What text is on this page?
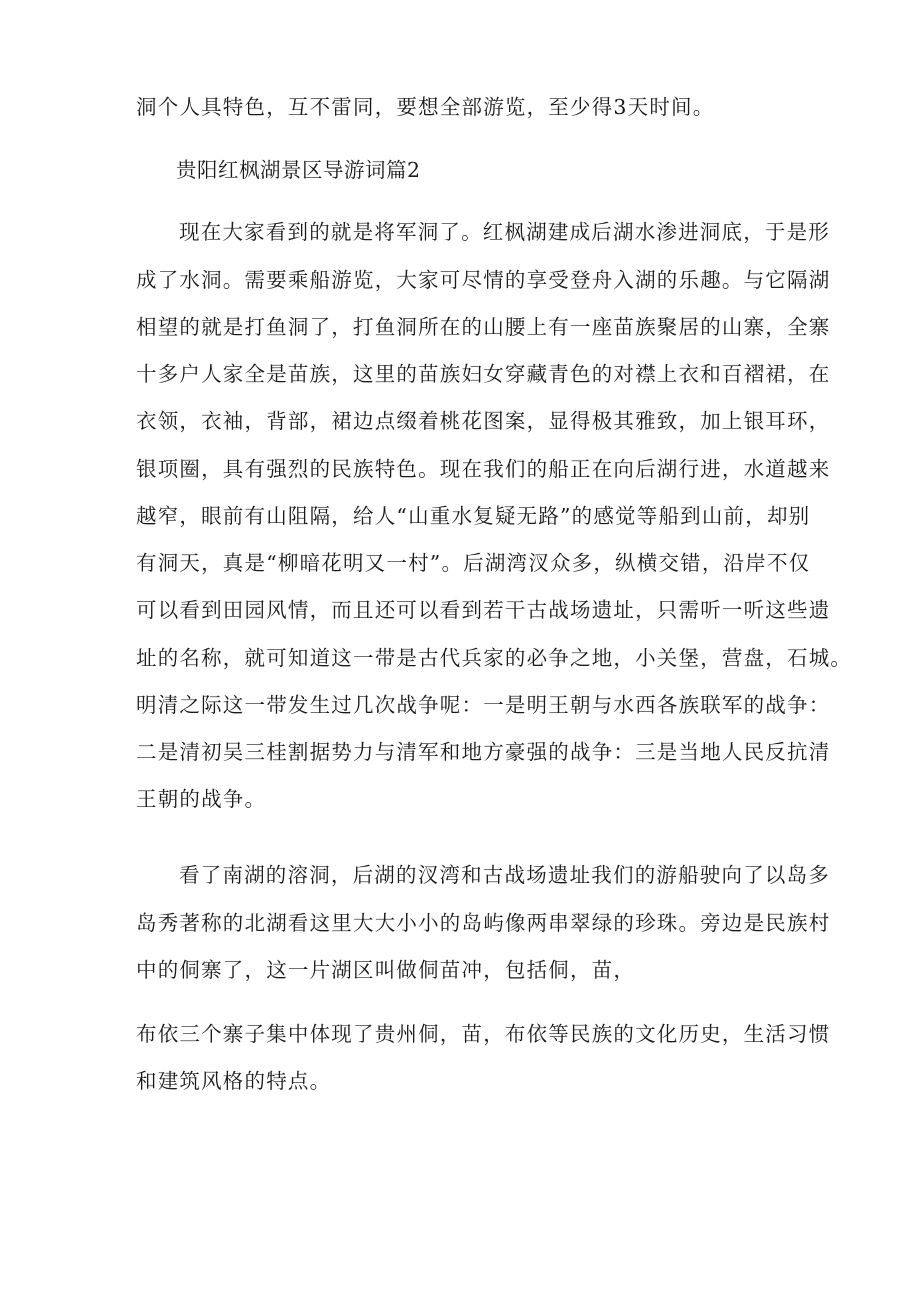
洞个人具特色，互不雷同，要想全部游览，至少得3天时间。
贵阳红枫湖景区导游词篇2
现在大家看到的就是将军洞了。红枫湖建成后湖水渗进洞底，于是形
成了水洞。需要乘船游览，大家可尽情的享受登舟入湖的乐趣。与它隔湖
相望的就是打鱼洞了，打鱼洞所在的山腰上有一座苗族聚居的山寨，全寨
十多户人家全是苗族，这里的苗族妇女穿藏青色的对襟上衣和百褶裙，在
衣领，衣袖，背部，裙边点缀着桃花图案，显得极其雅致，加上银耳环，
银项圈，具有强烈的民族特色。现在我们的船正在向后湖行进，水道越来
越窄，眼前有山阻隔，给人“山重水复疑无路”的感觉等船到山前，却别
有洞天，真是“柳暗花明又一村”。后湖湾汊众多，纵横交错，沿岸不仅
可以看到田园风情，而且还可以看到若干古战场遗址，只需听一听这些遗
址的名称，就可知道这一带是古代兵家的必争之地，小关堡，营盘，石城。
明清之际这一带发生过几次战争呢：一是明王朝与水西各族联军的战争：
二是清初吴三桂割据势力与清军和地方豪强的战争：三是当地人民反抗清
王朝的战争。
看了南湖的溶洞，后湖的汊湾和古战场遗址我们的游船驶向了以岛多
岛秀著称的北湖看这里大大小小的岛屿像两串翠绿的珍珠。旁边是民族村
中的侗寨了，这一片湖区叫做侗苗冲，包括侗，苗，
布依三个寨子集中体现了贵州侗，苗，布依等民族的文化历史，生活习惯
和建筑风格的特点。
